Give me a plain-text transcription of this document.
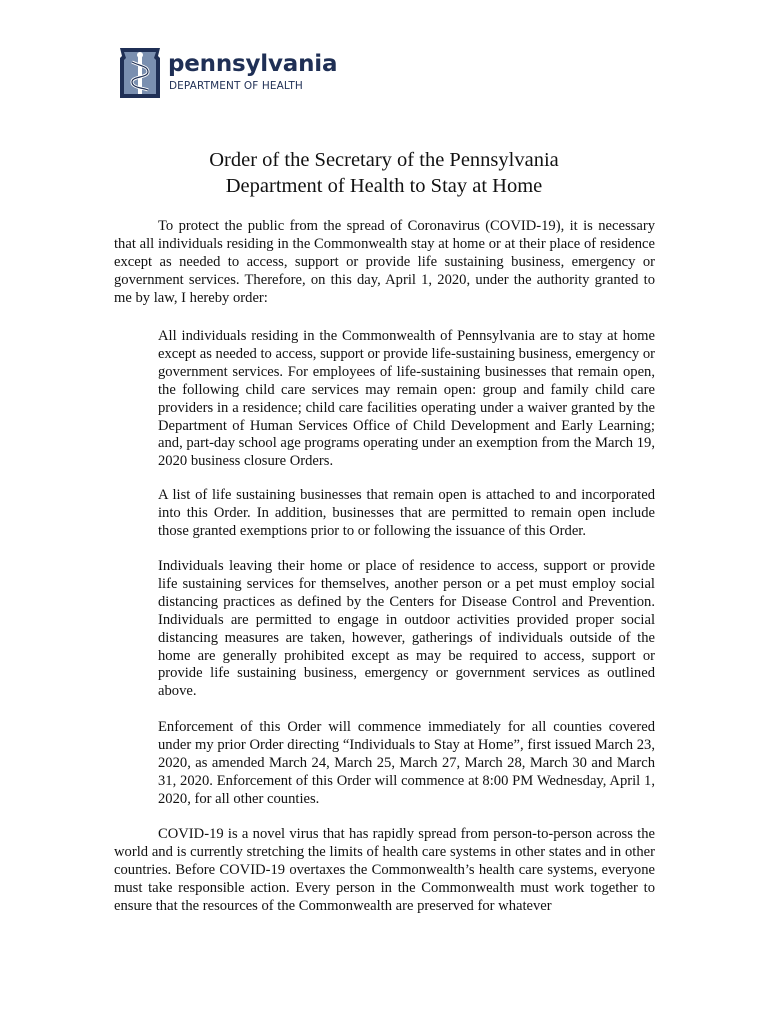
pennsylvania
DEPARTMENT OF HEALTH
Order of the Secretary of the Pennsylvania
Department of Health to Stay at Home

To protect the public from the spread of Coronavirus (COVID-19), it is necessary that all individuals residing in the Commonwealth stay at home or at their place of residence except as needed to access, support or provide life sustaining business, emergency or government services. Therefore, on this day, April 1, 2020, under the authority granted to me by law, I hereby order:

All individuals residing in the Commonwealth of Pennsylvania are to stay at home except as needed to access, support or provide life-sustaining business, emergency or government services. For employees of life-sustaining businesses that remain open, the following child care services may remain open: group and family child care providers in a residence; child care facilities operating under a waiver granted by the Department of Human Services Office of Child Development and Early Learning; and, part-day school age programs operating under an exemption from the March 19, 2020 business closure Orders.

A list of life sustaining businesses that remain open is attached to and incorporated into this Order. In addition, businesses that are permitted to remain open include those granted exemptions prior to or following the issuance of this Order.

Individuals leaving their home or place of residence to access, support or provide life sustaining services for themselves, another person or a pet must employ social distancing practices as defined by the Centers for Disease Control and Prevention. Individuals are permitted to engage in outdoor activities provided proper social distancing measures are taken, however, gatherings of individuals outside of the home are generally prohibited except as may be required to access, support or provide life sustaining business, emergency or government services as outlined above.

Enforcement of this Order will commence immediately for all counties covered under my prior Order directing “Individuals to Stay at Home”, first issued March 23, 2020, as amended March 24, March 25, March 27, March 28, March 30 and March 31, 2020. Enforcement of this Order will commence at 8:00 PM Wednesday, April 1, 2020, for all other counties.

COVID-19 is a novel virus that has rapidly spread from person-to-person across the world and is currently stretching the limits of health care systems in other states and in other countries. Before COVID-19 overtaxes the Commonwealth’s health care systems, everyone must take responsible action. Every person in the Commonwealth must work together to ensure that the resources of the Commonwealth are preserved for whatever
